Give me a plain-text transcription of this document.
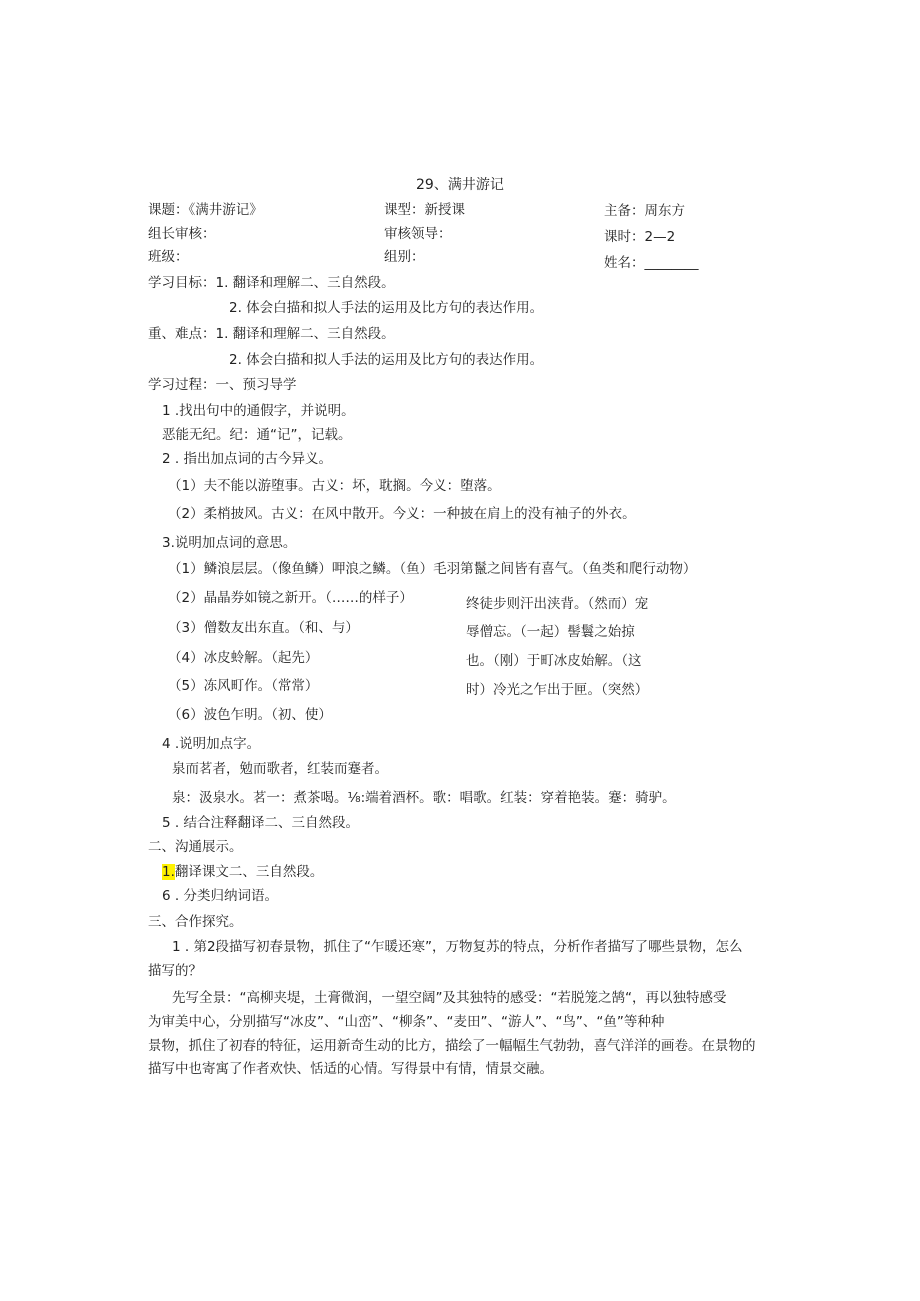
29、满井游记
课题：《满井游记》	课型：新授课	主备：周东方
组长审核：	审核领导：	课时：2—2
班级：	组别：	姓名：________
学习目标：1. 翻译和理解二、三自然段。
2. 体会白描和拟人手法的运用及比方句的表达作用。
重、难点：1. 翻译和理解二、三自然段。
2. 体会白描和拟人手法的运用及比方句的表达作用。
学习过程：一、预习导学
1 .找出句中的通假字，并说明。
恶能无纪。纪：通“记”，记载。
2 . 指出加点词的古今异义。
（1）夫不能以游堕事。古义：坏，耽搁。今义：堕落。
（2）柔梢披风。古义：在风中散开。今义：一种披在肩上的没有袖子的外衣。
3.说明加点词的意思。
（1）鳞浪层层。（像鱼鳞）呷浪之鳞。（鱼）毛羽第鬣之间皆有喜气。（鱼类和爬行动物）
（2）晶晶券如镜之新开。（……的样子）
（3）僧数友出东直。（和、与）
（4）冰皮蛉解。（起先）
（5）冻风町作。（常常）
（6）波色乍明。（初、使）
终徒步则汗出浃背。（然而）宠
辱僧忘。（一起）髻鬟之始掠
也。（刚）于町冰皮始解。（这
时）冷光之乍出于匣。（突然）
4 .说明加点字。
泉而茗者，勉而歌者，红装而蹇者。
泉：汲泉水。茗一：煮茶喝。⅛:端着酒杯。歌：唱歌。红装：穿着艳装。蹇：骑驴。
5 . 结合注释翻译二、三自然段。
二、沟通展示。
1.翻译课文二、三自然段。
6 . 分类归纳词语。
三、合作探究。
1 . 第2段描写初春景物，抓住了“乍暖还寒”，万物复苏的特点，分析作者描写了哪些景物，怎么
描写的？
先写全景：“高柳夹堤，土膏微润，一望空阔”及其独特的感受：“若脱笼之鹄“，再以独特感受
为审美中心，分别描写“冰皮”、“山峦”、“柳条”、“麦田”、“游人”、“鸟”、“鱼”等种种
景物，抓住了初春的特征，运用新奇生动的比方，描绘了一幅幅生气勃勃，喜气洋洋的画卷。在景物的
描写中也寄寓了作者欢快、恬适的心情。写得景中有情，情景交融。
